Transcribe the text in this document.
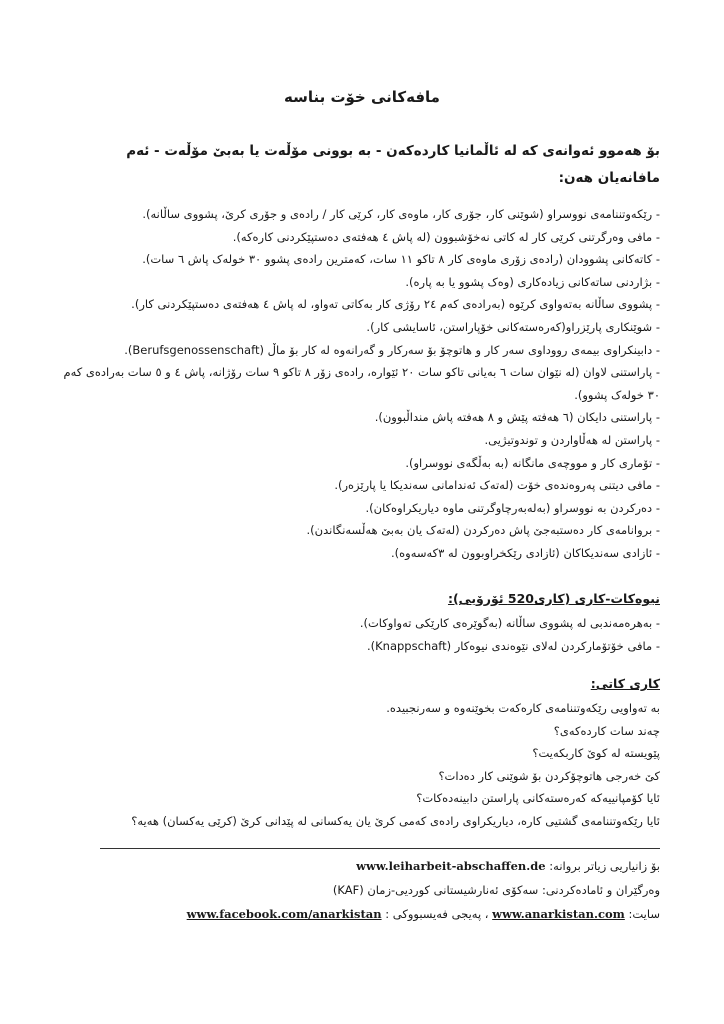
مافەکانی خۆت بناسە

بۆ هەموو ئەوانەی کە لە ئاڵمانیا کاردەکەن - بە بوونی مۆڵەت یا بەبێ مۆڵەت - ئەم مافانەیان هەن:

- رێکەوتننامەی نووسراو (شوێنی کار، جۆری کار، ماوەی کار، کرێی کار / رادەی و جۆری کرێ، پشووی ساڵانە).
- مافی وەرگرتنی کرێی کار لە کاتی نەخۆشبوون (لە پاش ٤ هەفتەی دەستپێکردنی کارەکە).
- کاتەکانی پشوودان (رادەی زۆری ماوەی کار ٨ تاکو ١١ سات، کەمترین رادەی پشوو ٣٠ خولەک پاش ٦ سات).
- بژاردنی ساتەکانی زیادەکاری (وەک پشوو یا بە پارە).
- پشووی ساڵانە بەتەواوی کرێوە (بەرادەی کەم ٢٤ رۆژی کار بەکاتی تەواو، لە پاش ٤ هەفتەی دەستپێکردنی کار).
- شوێنکاری پارێزراو(کەرەستەکانی خۆپاراستن، ئاسایشی کار).
- دابینکراوی بیمەی رووداوی سەر کار و هاتوچۆ بۆ سەرکار و گەرانەوە لە کار بۆ ماڵ (Berufsgenossenschaft).
- پاراستنی لاوان (لە نێوان سات ٦ بەیانی تاکو سات ٢٠ ئێوارە، رادەی زۆر ٨ تاکو ٩ سات رۆژانە، پاش ٤ و ٥ سات بەرادەی کەم ٣٠ خولەک پشوو).
- پاراستنی دایکان (٦ هەفتە پێش و ٨ هەفتە پاش منداڵبوون).
- پاراستن لە هەڵاواردن و توندوتیژیی.
- تۆماری کار و مووچەی مانگانە (بە بەڵگەی نووسراو).
- مافی دیتنی پەروەندەی خۆت (لەتەک ئەندامانی سەندیکا یا پارێزەر).
- دەرکردن بە نووسراو (بەلەبەرچاوگرتنی ماوە دیاریکراوەکان).
- بروانامەی کار دەستبەجێ پاش دەرکردن (لەتەک یان بەبێ هەڵسەنگاندن).
- ئازادی سەندیکاکان (ئازادی رێکخراوبوون لە ٣کەسەوە).
نیوەکات-کاری (کاری520 ئۆرۆیی):
- بەهرەمەندبی لە پشووی ساڵانە (بەگوێرەی کارێکی تەواوکات).
- مافی خۆتۆمارکردن لەلای نێوەندی نیوەکار (Knappschaft).
کاری کاتی:
بە تەواویی رێکەوتننامەی کارەکەت بخوێنەوە و سەرنجبیدە.
چەند سات کاردەکەی؟
پێویستە لە کوێ کاربکەیت؟
کێ خەرجی هاتوچۆکردن بۆ شوێنی کار دەدات؟
ئایا کۆمپانییەکە کەرەستەکانی پاراستن دابینەدەکات؟
ئایا رێکەوتننامەی گشتیی کارە، دیاریکراوی رادەی کەمی کرێ یان یەکسانی لە پێدانی کرێ (کرێی یەکسان) هەیە؟

بۆ زانیاریی زیاتر بروانە: www.leiharbeit-abschaffen.de

وەرگێران و ئامادەکردنی: سەکۆی ئەنارشیستانی کوردیی-زمان (KAF)

سایت: www.anarkistan.com ، پەیجی فەیسبووکی : www.facebook.com/anarkistan
